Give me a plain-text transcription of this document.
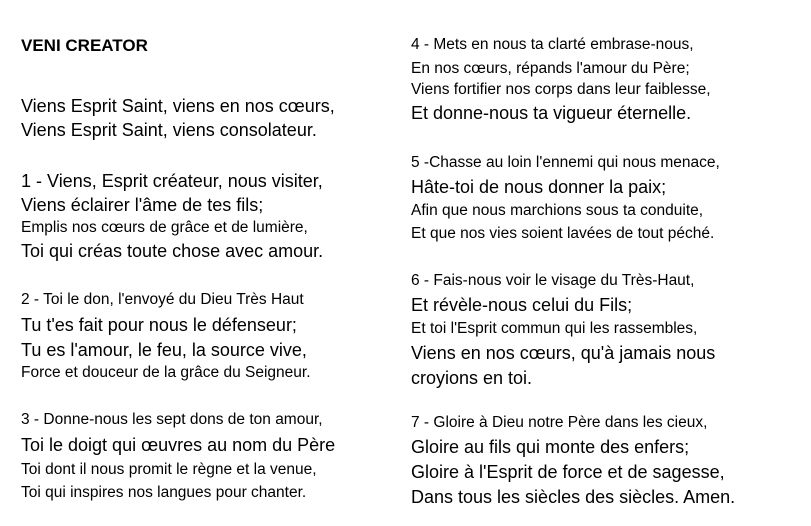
VENI CREATOR
Viens Esprit Saint, viens en nos cœurs,
Viens Esprit Saint, viens consolateur.
1 - Viens, Esprit créateur, nous visiter,
Viens éclairer l'âme de tes fils;
Emplis nos cœurs de grâce et de lumière,
Toi qui créas toute chose avec amour.
2 - Toi le don, l'envoyé du Dieu Très Haut
Tu t'es fait pour nous le défenseur;
Tu es l'amour, le feu, la source vive,
Force et douceur de la grâce du Seigneur.
3 - Donne-nous les sept dons de ton amour,
Toi le doigt qui œuvres au nom du Père
Toi dont il nous promit le règne et la venue,
Toi qui inspires nos langues pour chanter.
4 - Mets en nous ta clarté embrase-nous,
En nos cœurs, répands l'amour du Père;
Viens fortifier nos corps dans leur faiblesse,
Et donne-nous ta vigueur éternelle.
5 -Chasse au loin l'ennemi qui nous menace,
Hâte-toi de nous donner la paix;
Afin que nous marchions sous ta conduite,
Et que nos vies soient lavées de tout péché.
6 - Fais-nous voir le visage du Très-Haut,
Et révèle-nous celui du Fils;
Et toi l'Esprit commun qui les rassembles,
Viens en nos cœurs, qu'à jamais nous
croyions en toi.
7 - Gloire à Dieu notre Père dans les cieux,
Gloire au fils qui monte des enfers;
Gloire à l'Esprit de force et de sagesse,
Dans tous les siècles des siècles. Amen.
